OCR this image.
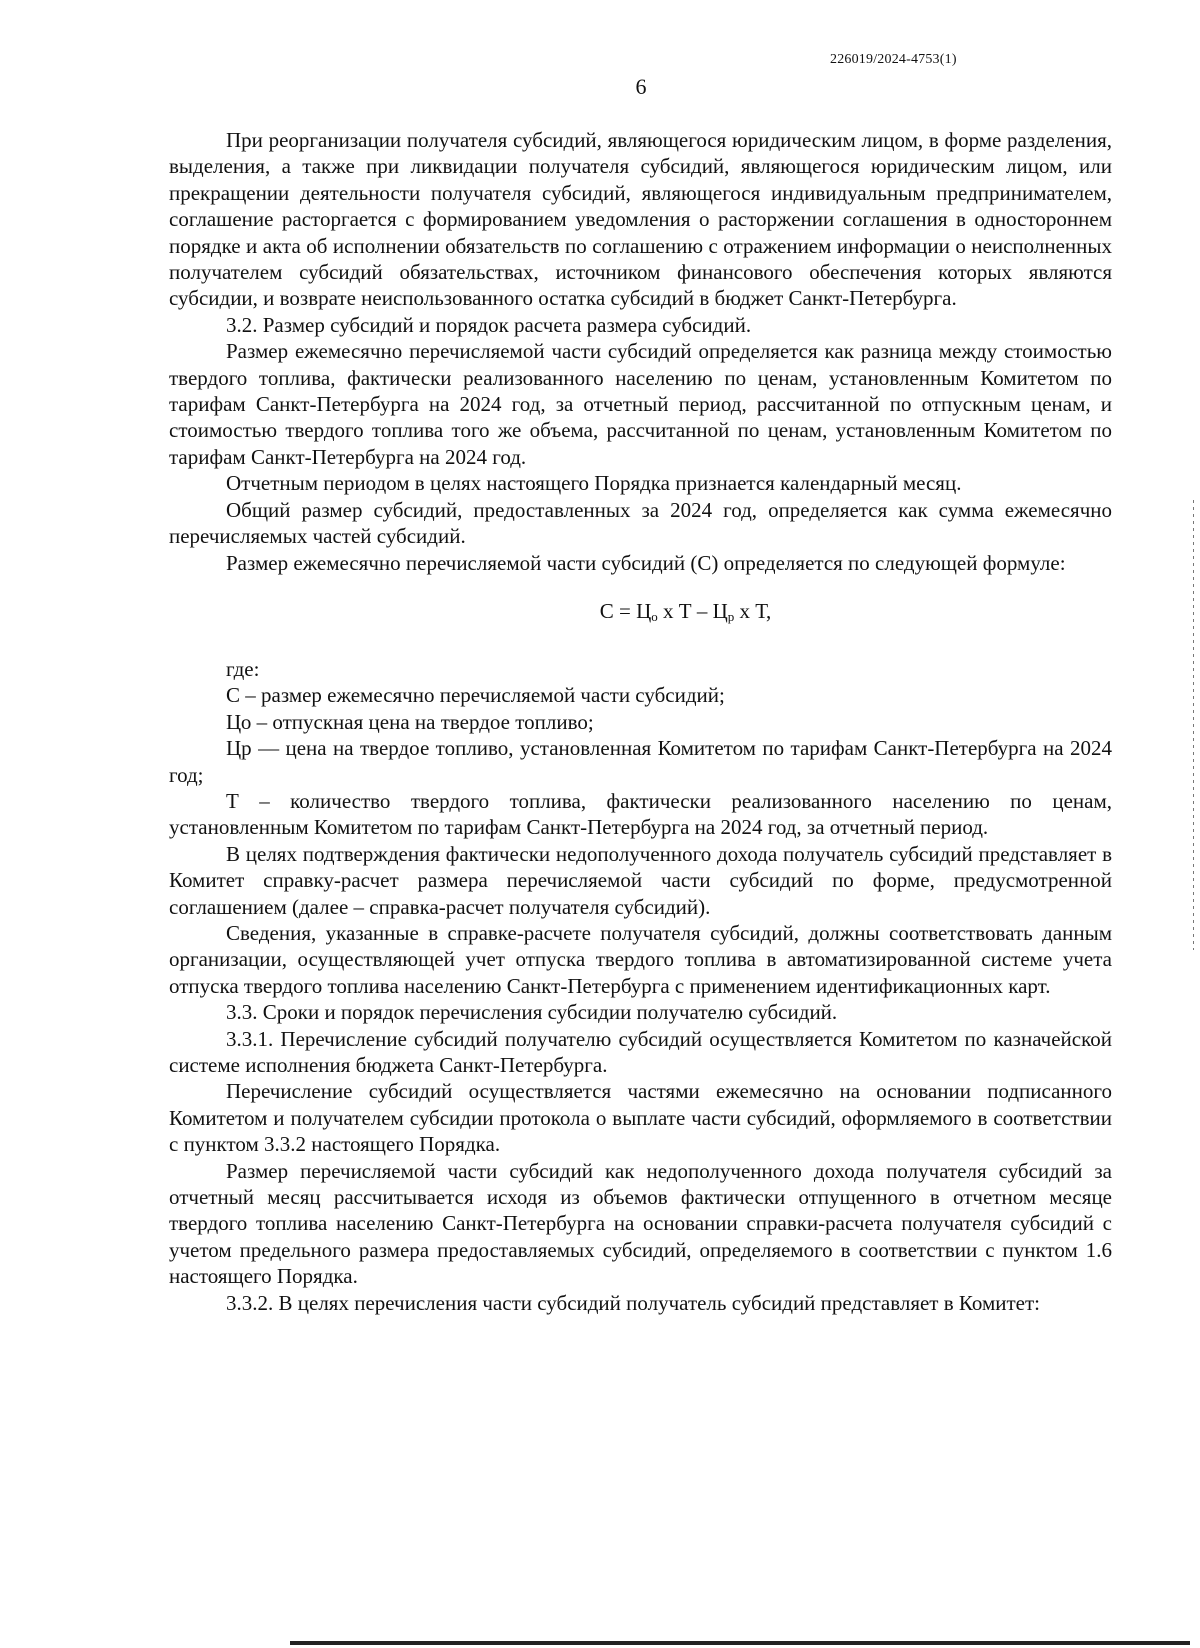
226019/2024-4753(1)
6

При реорганизации получателя субсидий, являющегося юридическим лицом, в форме разделения, выделения, а также при ликвидации получателя субсидий, являющегося юридическим лицом, или прекращении деятельности получателя субсидий, являющегося индивидуальным предпринимателем, соглашение расторгается с формированием уведомления о расторжении соглашения в одностороннем порядке и акта об исполнении обязательств по соглашению с отражением информации о неисполненных получателем субсидий обязательствах, источником финансового обеспечения которых являются субсидии, и возврате неиспользованного остатка субсидий в бюджет Санкт-Петербурга.

3.2. Размер субсидий и порядок расчета размера субсидий.

Размер ежемесячно перечисляемой части субсидий определяется как разница между стоимостью твердого топлива, фактически реализованного населению по ценам, установленным Комитетом по тарифам Санкт-Петербурга на 2024 год, за отчетный период, рассчитанной по отпускным ценам, и стоимостью твердого топлива того же объема, рассчитанной по ценам, установленным Комитетом по тарифам Санкт-Петербурга на 2024 год.

Отчетным периодом в целях настоящего Порядка признается календарный месяц.

Общий размер субсидий, предоставленных за 2024 год, определяется как сумма ежемесячно перечисляемых частей субсидий.

Размер ежемесячно перечисляемой части субсидий (С) определяется по следующей формуле:

$С = Ц_о$ х Т – $Ц_р$ х Т,

где:

С – размер ежемесячно перечисляемой части субсидий;

Цо – отпускная цена на твердое топливо;

Цр — цена на твердое топливо, установленная Комитетом по тарифам Санкт-Петербурга на 2024 год;

Т – количество твердого топлива, фактически реализованного населению по ценам, установленным Комитетом по тарифам Санкт-Петербурга на 2024 год, за отчетный период.

В целях подтверждения фактически недополученного дохода получатель субсидий представляет в Комитет справку-расчет размера перечисляемой части субсидий по форме, предусмотренной соглашением (далее – справка-расчет получателя субсидий).

Сведения, указанные в справке-расчете получателя субсидий, должны соответствовать данным организации, осуществляющей учет отпуска твердого топлива в автоматизированной системе учета отпуска твердого топлива населению Санкт-Петербурга с применением идентификационных карт.

3.3. Сроки и порядок перечисления субсидии получателю субсидий.

3.3.1. Перечисление субсидий получателю субсидий осуществляется Комитетом по казначейской системе исполнения бюджета Санкт-Петербурга.

Перечисление субсидий осуществляется частями ежемесячно на основании подписанного Комитетом и получателем субсидии протокола о выплате части субсидий, оформляемого в соответствии с пунктом 3.3.2 настоящего Порядка.

Размер перечисляемой части субсидий как недополученного дохода получателя субсидий за отчетный месяц рассчитывается исходя из объемов фактически отпущенного в отчетном месяце твердого топлива населению Санкт-Петербурга на основании справки-расчета получателя субсидий с учетом предельного размера предоставляемых субсидий, определяемого в соответствии с пунктом 1.6 настоящего Порядка.

3.3.2. В целях перечисления части субсидий получатель субсидий представляет в Комитет:
